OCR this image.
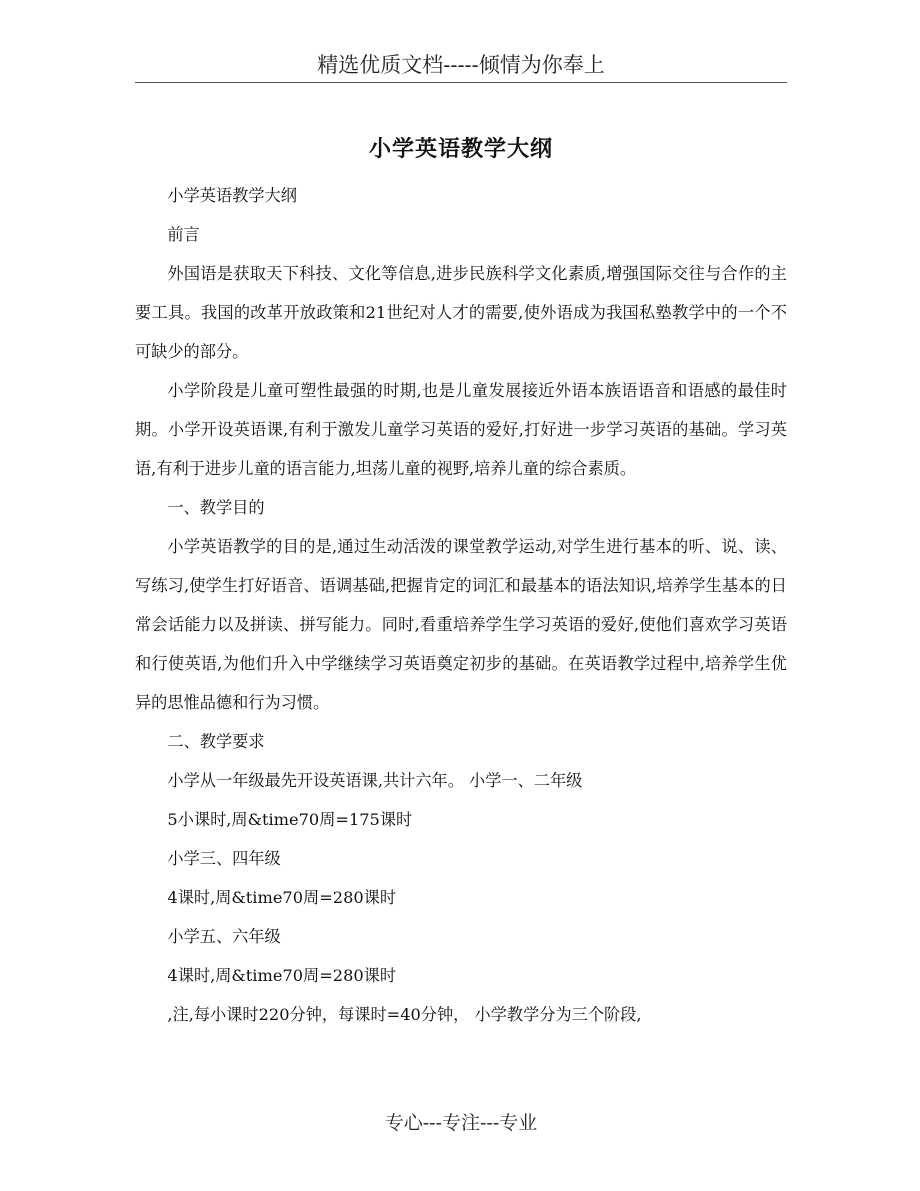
精选优质文档-----倾情为你奉上
小学英语教学大纲

小学英语教学大纲

前言

外国语是获取天下科技、文化等信息,进步民族科学文化素质,增强国际交往与合作的主要工具。我国的改革开放政策和21世纪对人才的需要,使外语成为我国私塾教学中的一个不可缺少的部分。

小学阶段是儿童可塑性最强的时期,也是儿童发展接近外语本族语语音和语感的最佳时期。小学开设英语课,有利于激发儿童学习英语的爱好,打好进一步学习英语的基础。学习英语,有利于进步儿童的语言能力,坦荡儿童的视野,培养儿童的综合素质。

一、教学目的

小学英语教学的目的是,通过生动活泼的课堂教学运动,对学生进行基本的听、说、读、写练习,使学生打好语音、语调基础,把握肯定的词汇和最基本的语法知识,培养学生基本的日常会话能力以及拼读、拼写能力。同时,看重培养学生学习英语的爱好,使他们喜欢学习英语和行使英语,为他们升入中学继续学习英语奠定初步的基础。在英语教学过程中,培养学生优异的思惟品德和行为习惯。

二、教学要求

小学从一年级最先开设英语课,共计六年。 小学一、二年级

5小课时,周&time70周=175课时

小学三、四年级

4课时,周&time70周=280课时

小学五、六年级

4课时,周&time70周=280课时

,注,每小课时220分钟，每课时=40分钟， 小学教学分为三个阶段,

专心---专注---专业
